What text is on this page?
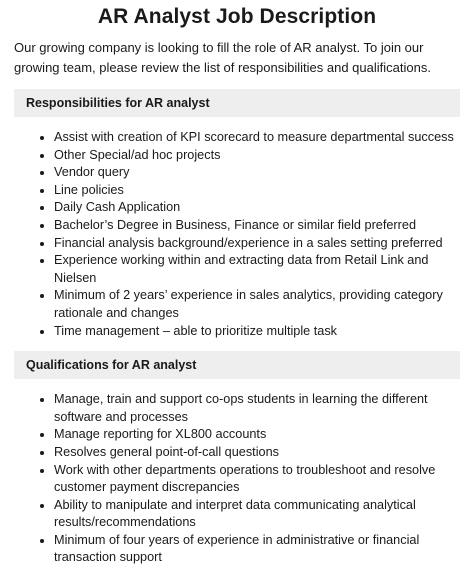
AR Analyst Job Description

Our growing company is looking to fill the role of AR analyst. To join our growing team, please review the list of responsibilities and qualifications.

Responsibilities for AR analyst
Assist with creation of KPI scorecard to measure departmental success
Other Special/ad hoc projects
Vendor query
Line policies
Daily Cash Application
Bachelor’s Degree in Business, Finance or similar field preferred
Financial analysis background/experience in a sales setting preferred
Experience working within and extracting data from Retail Link and Nielsen
Minimum of 2 years’ experience in sales analytics, providing category rationale and changes
Time management – able to prioritize multiple task
Qualifications for AR analyst
Manage, train and support co-ops students in learning the different software and processes
Manage reporting for XL800 accounts
Resolves general point-of-call questions
Work with other departments operations to troubleshoot and resolve customer payment discrepancies
Ability to manipulate and interpret data communicating analytical results/recommendations
Minimum of four years of experience in administrative or financial transaction support
